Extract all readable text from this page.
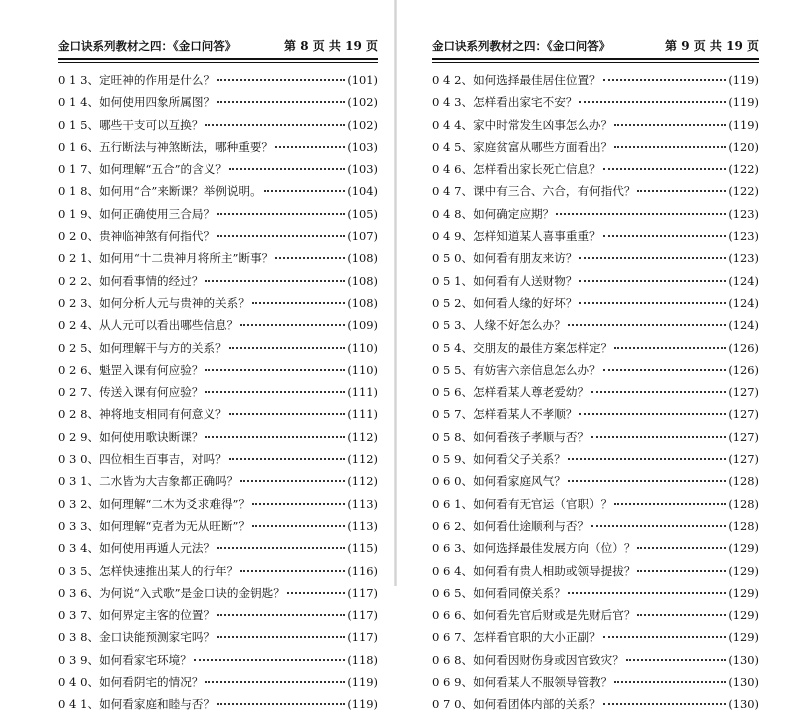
金口诀系列教材之四：《金口问答》	第 8 页 共 19 页
0 1 3、定旺神的作用是什么？	(101)
0 1 4、如何使用四象所属图？	(102)
0 1 5、哪些干支可以互换？	(102)
0 1 6、五行断法与神煞断法，哪种重要？	(103)
0 1 7、如何理解“五合”的含义？	(103)
0 1 8、如何用“合”来断课？举例说明。	(104)
0 1 9、如何正确使用三合局？	(105)
0 2 0、贵神临神煞有何指代？	(107)
0 2 1、如何用“十二贵神月将所主”断事？	(108)
0 2 2、如何看事情的经过？	(108)
0 2 3、如何分析人元与贵神的关系？	(108)
0 2 4、从人元可以看出哪些信息？	(109)
0 2 5、如何理解干与方的关系？	(110)
0 2 6、魁罡入课有何应验？	(110)
0 2 7、传送入课有何应验？	(111)
0 2 8、神将地支相同有何意义？	(111)
0 2 9、如何使用歌诀断课？	(112)
0 3 0、四位相生百事吉，对吗？	(112)
0 3 1、二水皆为大吉象都正确吗？	(112)
0 3 2、如何理解“二木为爻求难得”？	(113)
0 3 3、如何理解“克者为无从旺断”？	(113)
0 3 4、如何使用再遁人元法？	(115)
0 3 5、怎样快速推出某人的行年？	(116)
0 3 6、为何说“入式歌”是金口诀的金钥匙？	(117)
0 3 7、如何界定主客的位置？	(117)
0 3 8、金口诀能预测家宅吗？	(117)
0 3 9、如何看家宅环境？	(118)
0 4 0、如何看阴宅的情况？	(119)
0 4 1、如何看家庭和睦与否？	(119)
金口诀系列教材之四：《金口问答》	第 9 页 共 19 页
0 4 2、如何选择最佳居住位置？	(119)
0 4 3、怎样看出家宅不安？	(119)
0 4 4、家中时常发生凶事怎么办？	(119)
0 4 5、家庭贫富从哪些方面看出？	(120)
0 4 6、怎样看出家长死亡信息？	(122)
0 4 7、课中有三合、六合，有何指代？	(122)
0 4 8、如何确定应期？	(123)
0 4 9、怎样知道某人喜事重重？	(123)
0 5 0、如何看有朋友来访？	(123)
0 5 1、如何看有人送财物？	(124)
0 5 2、如何看人缘的好坏？	(124)
0 5 3、人缘不好怎么办？	(124)
0 5 4、交朋友的最佳方案怎样定？	(126)
0 5 5、有妨害六亲信息怎么办？	(126)
0 5 6、怎样看某人尊老爱幼？	(127)
0 5 7、怎样看某人不孝顺？	(127)
0 5 8、如何看孩子孝顺与否？	(127)
0 5 9、如何看父子关系？	(127)
0 6 0、如何看家庭风气？	(128)
0 6 1、如何看有无官运（官职）？	(128)
0 6 2、如何看仕途顺利与否？	(128)
0 6 3、如何选择最佳发展方向（位）？	(129)
0 6 4、如何看有贵人相助或领导提拔？	(129)
0 6 5、如何看同僚关系？	(129)
0 6 6、如何看先官后财或是先财后官？	(129)
0 6 7、怎样看官职的大小正副？	(129)
0 6 8、如何看因财伤身或因官致灾？	(130)
0 6 9、如何看某人不服领导管教？	(130)
0 7 0、如何看团体内部的关系？	(130)
